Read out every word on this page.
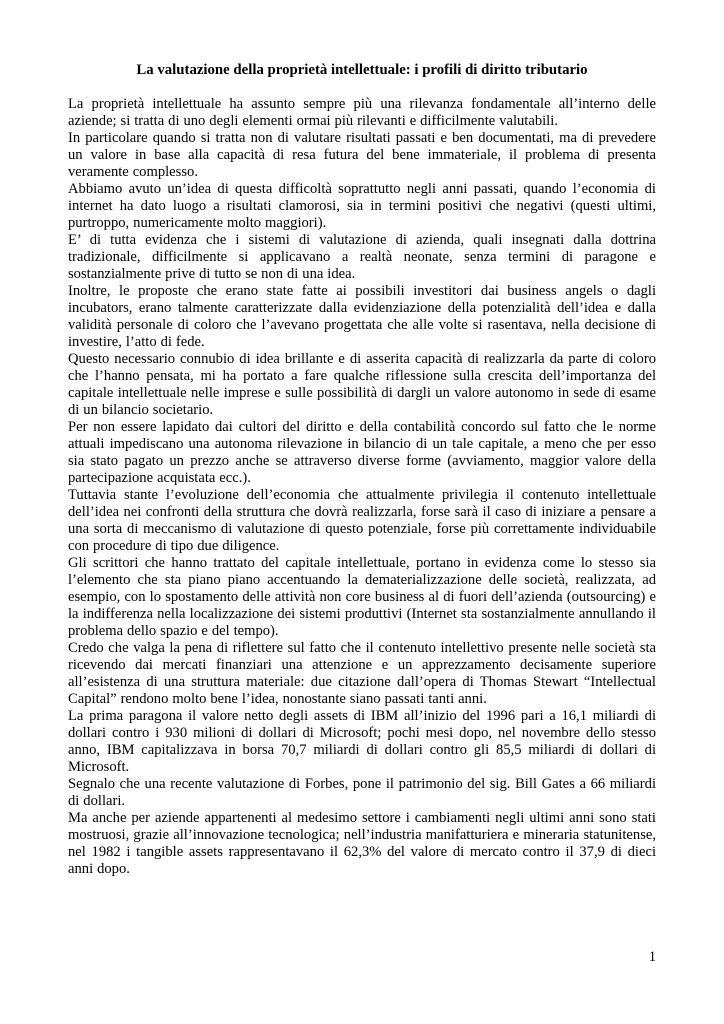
La valutazione della proprietà intellettuale: i profili di diritto tributario

La proprietà intellettuale ha assunto sempre più una rilevanza fondamentale all’interno delle aziende; si tratta di uno degli elementi ormai più rilevanti e difficilmente valutabili.

In particolare quando si tratta non di valutare risultati passati e ben documentati, ma di prevedere un valore in base alla capacità di resa futura del bene immateriale, il problema di presenta veramente complesso.

Abbiamo avuto un’idea di questa difficoltà soprattutto negli anni passati, quando l’economia di internet ha dato luogo a risultati clamorosi, sia in termini positivi che negativi (questi ultimi, purtroppo, numericamente molto maggiori).

E’ di tutta evidenza che i sistemi di valutazione di azienda, quali insegnati dalla dottrina tradizionale, difficilmente si applicavano a realtà neonate, senza termini di paragone e sostanzialmente prive di tutto se non di una idea.

Inoltre, le proposte che erano state fatte ai possibili investitori dai business angels o dagli incubators, erano talmente caratterizzate dalla evidenziazione della potenzialità dell’idea e dalla validità personale di coloro che l’avevano progettata che alle volte si rasentava, nella decisione di investire, l’atto di fede.

Questo necessario connubio di idea brillante e di asserita capacità di realizzarla da parte di coloro che l’hanno pensata, mi ha portato a fare qualche riflessione sulla crescita dell’importanza del capitale intellettuale nelle imprese e sulle possibilità di dargli un valore autonomo in sede di esame di un bilancio societario.

Per non essere lapidato dai cultori del diritto e della contabilità concordo sul fatto che le norme attuali impediscano una autonoma rilevazione in bilancio di un tale capitale, a meno che per esso sia stato pagato un prezzo anche se attraverso diverse forme (avviamento, maggior valore della partecipazione acquistata ecc.).

Tuttavia stante l’evoluzione dell’economia che attualmente privilegia il contenuto intellettuale dell’idea nei confronti della struttura che dovrà realizzarla, forse sarà il caso di iniziare a pensare a una sorta di meccanismo di valutazione di questo potenziale, forse più correttamente individuabile con procedure di tipo due diligence.

Gli scrittori che hanno trattato del capitale intellettuale, portano in evidenza come lo stesso sia l’elemento che sta piano piano accentuando la dematerializzazione delle società, realizzata, ad esempio, con lo spostamento delle attività non core business al di fuori dell’azienda (outsourcing) e la indifferenza nella localizzazione dei sistemi produttivi (Internet sta sostanzialmente annullando il problema dello spazio e del tempo).

Credo che valga la pena di riflettere sul fatto che il contenuto intellettivo presente nelle società sta ricevendo dai mercati finanziari una attenzione e un apprezzamento decisamente superiore all’esistenza di una struttura materiale: due citazione dall’opera di Thomas Stewart “Intellectual Capital” rendono molto bene l’idea, nonostante siano passati tanti anni.

La prima paragona il valore netto degli assets di IBM all’inizio del 1996 pari a 16,1 miliardi di dollari contro i 930 milioni di dollari di Microsoft; pochi mesi dopo, nel novembre dello stesso anno, IBM capitalizzava in borsa 70,7 miliardi di dollari contro gli 85,5 miliardi di dollari di Microsoft.

Segnalo che una recente valutazione di Forbes, pone il patrimonio del sig. Bill Gates a 66 miliardi di dollari.

Ma anche per aziende appartenenti al medesimo settore i cambiamenti negli ultimi anni sono stati mostruosi, grazie all’innovazione tecnologica; nell’industria manifatturiera e mineraria statunitense, nel 1982 i tangible assets rappresentavano il 62,3% del valore di mercato contro il 37,9 di dieci anni dopo.

1
